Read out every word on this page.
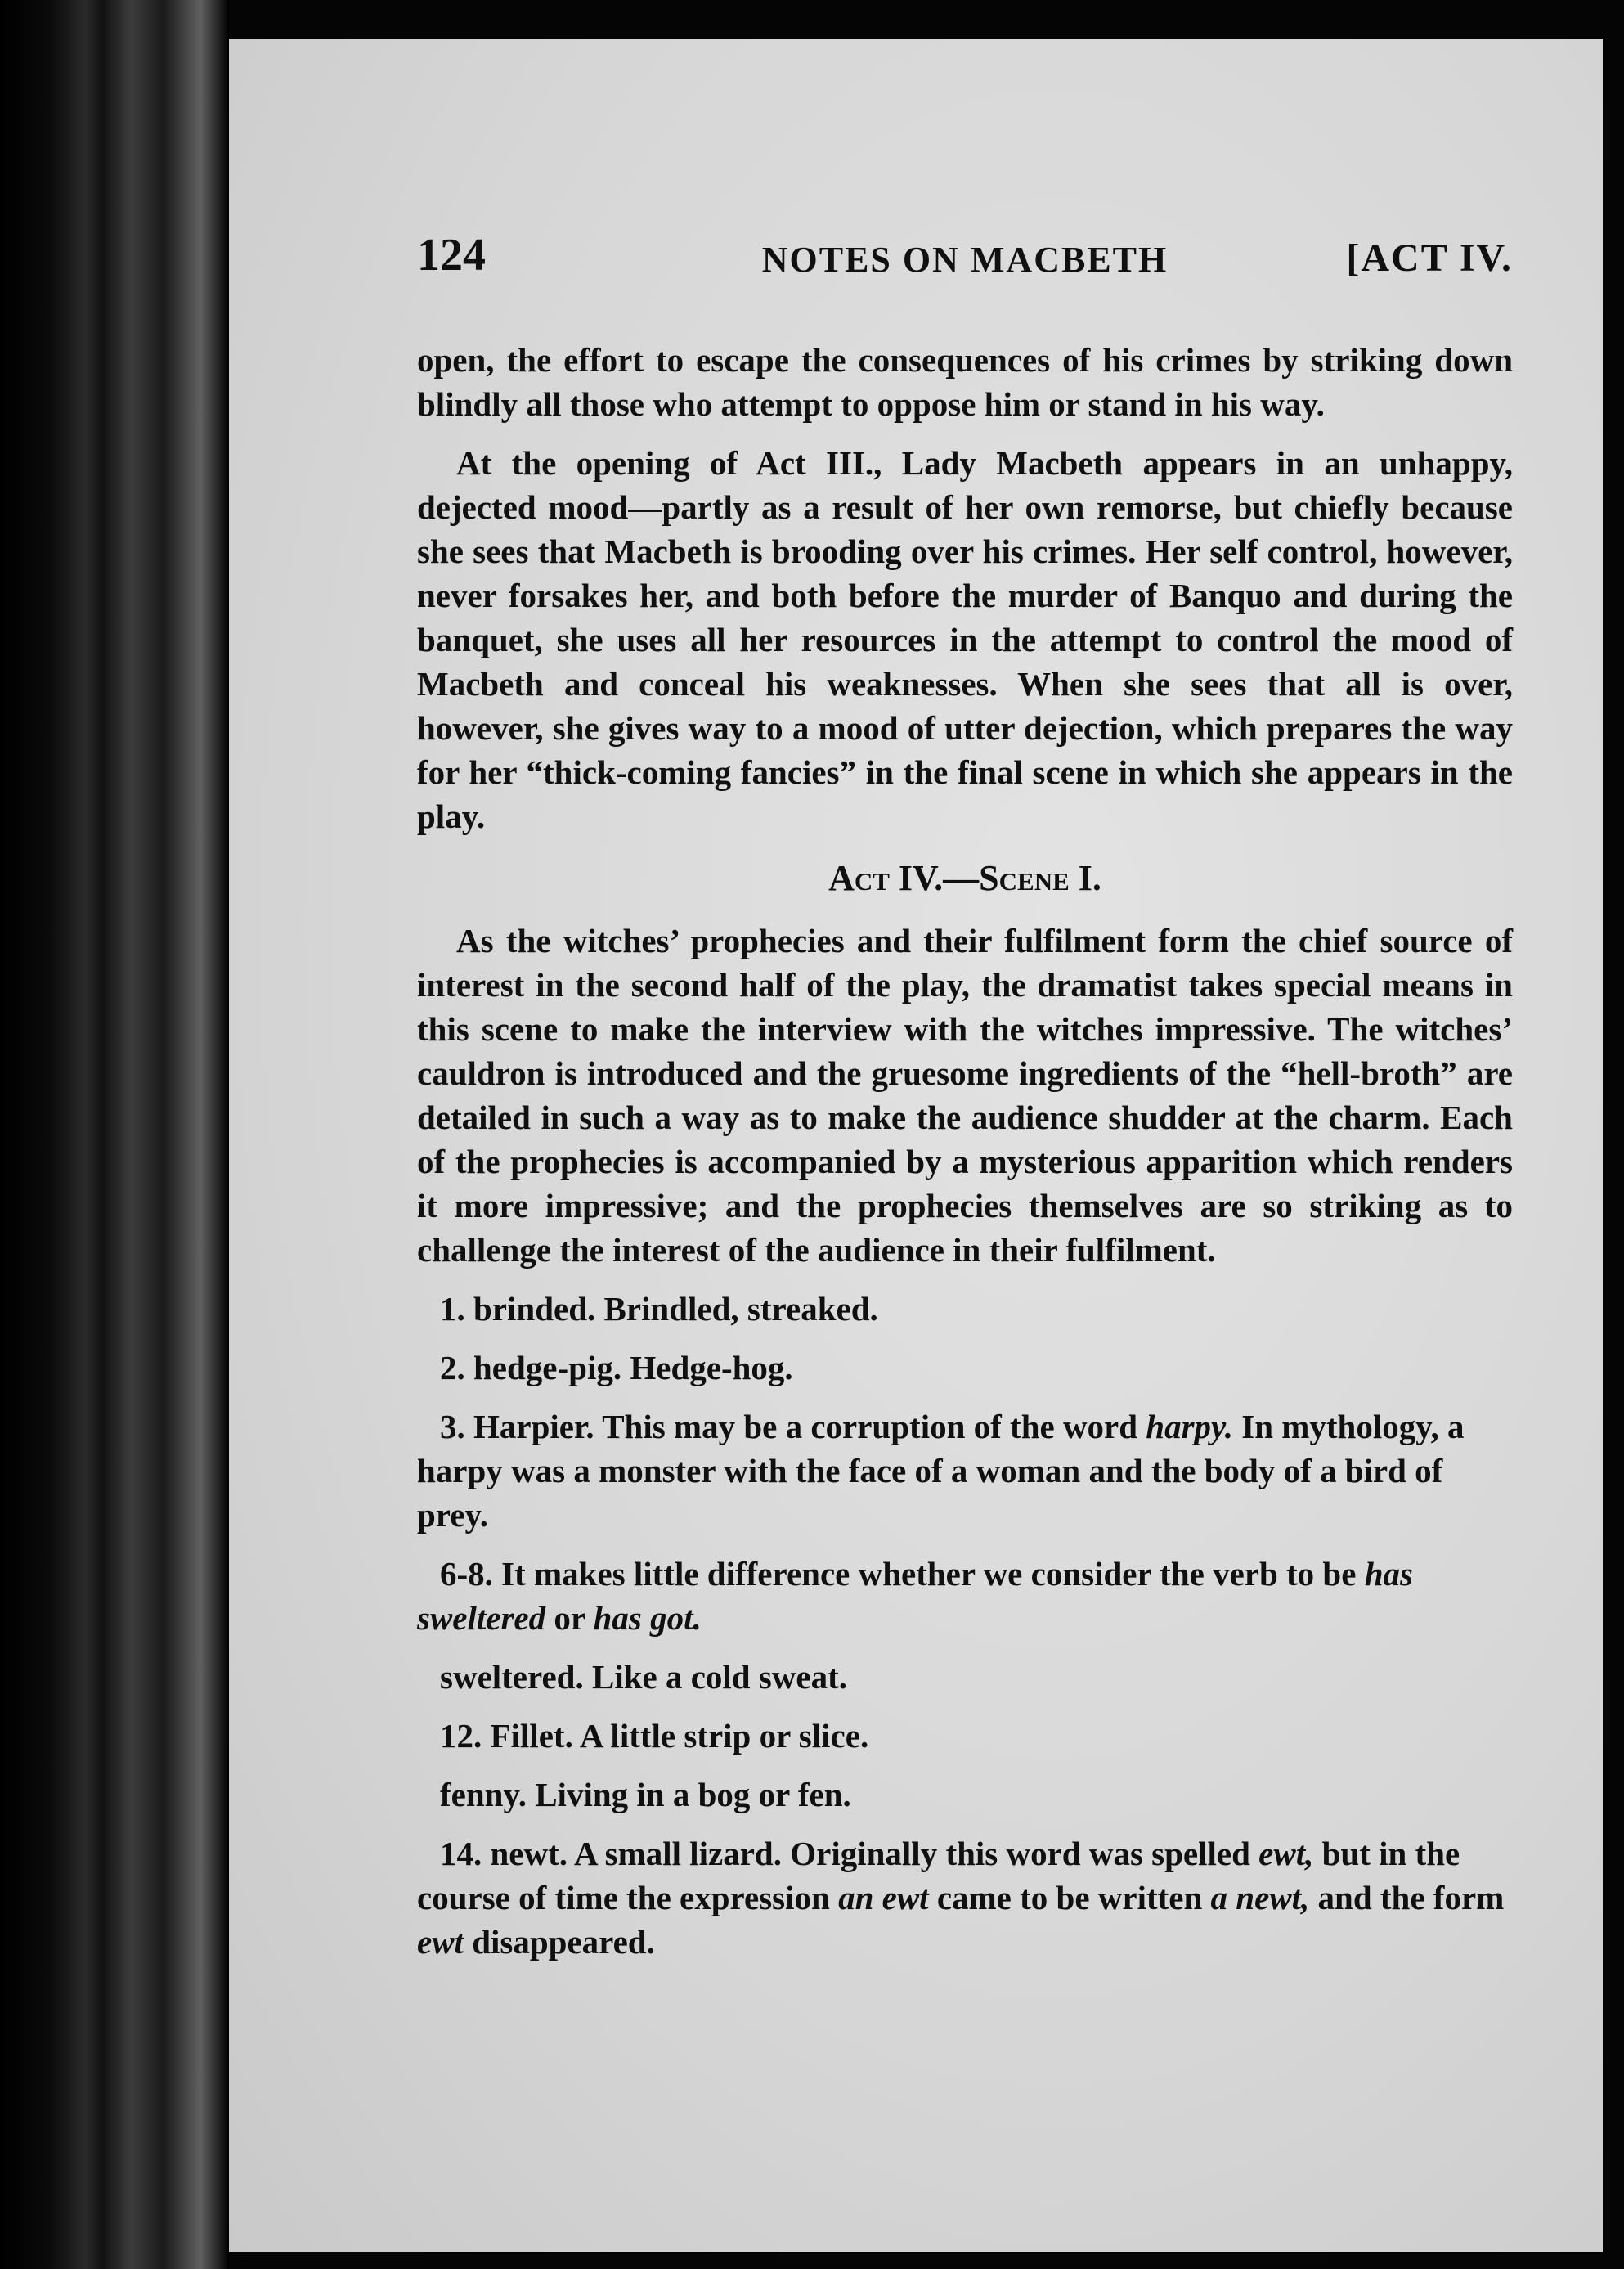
124	NOTES ON MACBETH	[ACT IV.

open, the effort to escape the consequences of his crimes by striking down blindly all those who attempt to oppose him or stand in his way.

At the opening of Act III., Lady Macbeth appears in an unhappy, dejected mood—partly as a result of her own remorse, but chiefly because she sees that Macbeth is brooding over his crimes. Her self control, however, never forsakes her, and both before the murder of Banquo and during the banquet, she uses all her resources in the attempt to control the mood of Macbeth and conceal his weaknesses. When she sees that all is over, however, she gives way to a mood of utter dejection, which prepares the way for her “thick-coming fancies” in the final scene in which she appears in the play.

Act IV.—Scene I.

As the witches’ prophecies and their fulfilment form the chief source of interest in the second half of the play, the dramatist takes special means in this scene to make the interview with the witches impressive. The witches’ cauldron is introduced and the gruesome ingredients of the “hell-broth” are detailed in such a way as to make the audience shudder at the charm. Each of the prophecies is accompanied by a mysterious apparition which renders it more impressive; and the prophecies themselves are so striking as to challenge the interest of the audience in their fulfilment.

1. brinded. Brindled, streaked.

2. hedge-pig. Hedge-hog.

3. Harpier. This may be a corruption of the word harpy. In mythology, a harpy was a monster with the face of a woman and the body of a bird of prey.

6-8. It makes little difference whether we consider the verb to be has sweltered or has got.

sweltered. Like a cold sweat.

12. Fillet. A little strip or slice.

fenny. Living in a bog or fen.

14. newt. A small lizard. Originally this word was spelled ewt, but in the course of time the expression an ewt came to be written a newt, and the form ewt disappeared.
